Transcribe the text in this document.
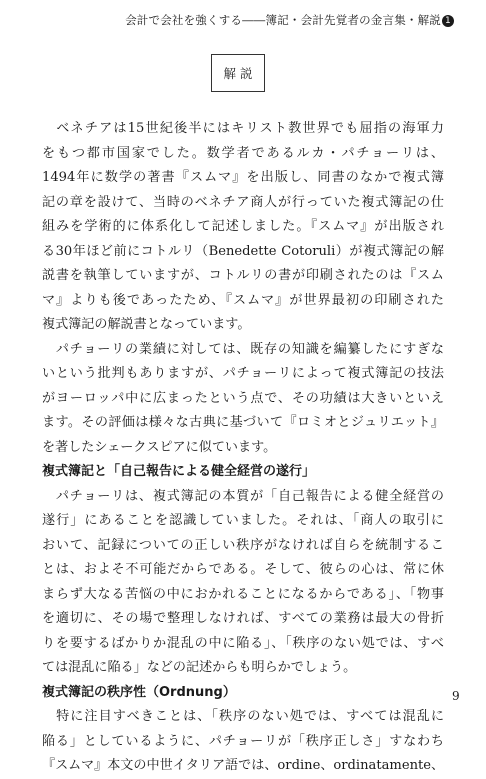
会計で会社を強くする――簿記・会計先覚者の金言集・解説 1
解説
　ベネチアは15世紀後半にはキリスト教世界でも屈指の海軍力
をもつ都市国家でした。数学者であるルカ・パチョーリは、
1494年に数学の著書『スムマ』を出版し、同書のなかで複式簿
記の章を設けて、当時のベネチア商人が行っていた複式簿記の仕
組みを学術的に体系化して記述しました。『スムマ』が出版され
る30年ほど前にコトルリ（Benedette Cotoruli）が複式簿記の解
説書を執筆していますが、コトルリの書が印刷されたのは『スム
マ』よりも後であったため、『スムマ』が世界最初の印刷された
複式簿記の解説書となっています。
　パチョーリの業績に対しては、既存の知識を編纂したにすぎな
いという批判もありますが、パチョーリによって複式簿記の技法
がヨーロッパ中に広まったという点で、その功績は大きいといえ
ます。その評価は様々な古典に基づいて『ロミオとジュリエット』
を著したシェークスピアに似ています。
複式簿記と「自己報告による健全経営の遂行」
　パチョーリは、複式簿記の本質が「自己報告による健全経営の
遂行」にあることを認識していました。それは、「商人の取引に
おいて、記録についての正しい秩序がなければ自らを統制するこ
とは、およそ不可能だからである。そして、彼らの心は、常に休
まらず大なる苦悩の中におかれることになるからである」、「物事
を適切に、その場で整理しなければ、すべての業務は最大の骨折
りを要するばかりか混乱の中に陥る」、「秩序のない処では、すべ
ては混乱に陥る」などの記述からも明らかでしょう。
複式簿記の秩序性（Ordnung）
　特に注目すべきことは、「秩序のない処では、すべては混乱に
陥る」としているように、パチョーリが「秩序正しさ」すなわち
『スムマ』本文の中世イタリア語では、ordine、ordinatamente、
9
